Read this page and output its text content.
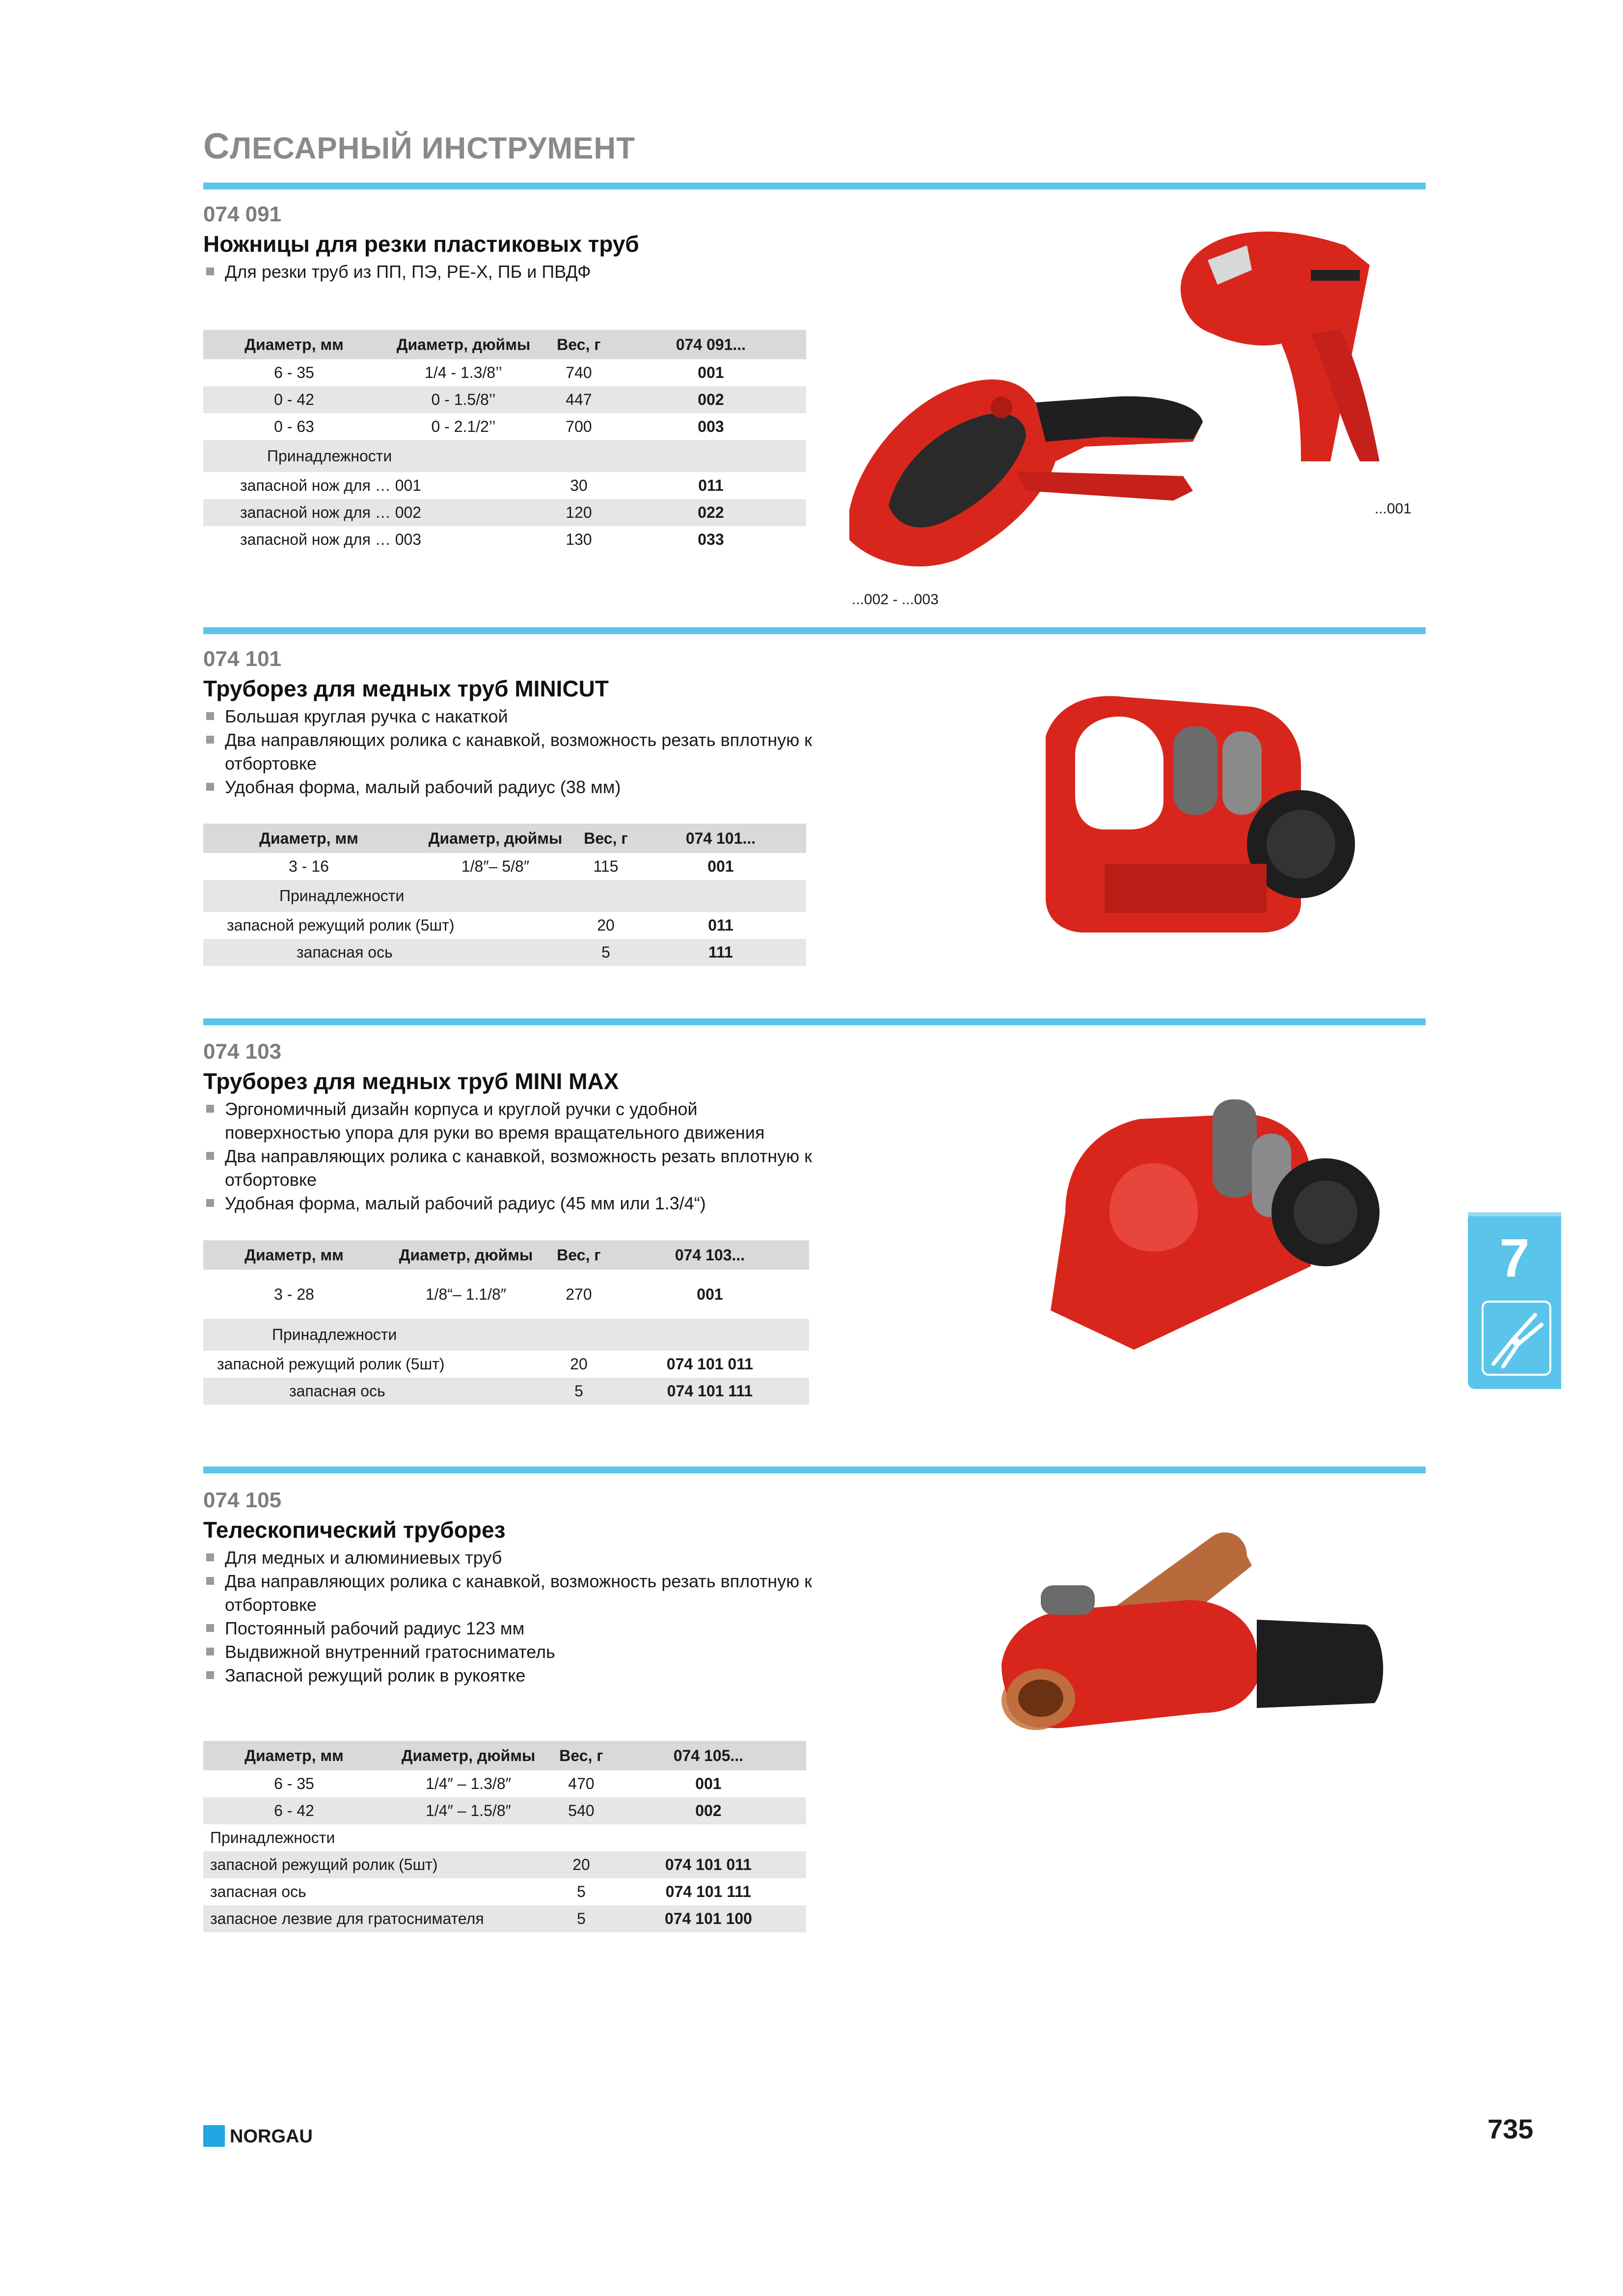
СЛЕСАРНЫЙ ИНСТРУМЕНТ
074 091
Ножницы для резки пластиковых труб
Для резки труб из ПП, ПЭ, PE-X, ПБ и ПВДФ
Диаметр, мм	Диаметр, дюймы	Вес, г	074 091...
6 - 35	1/4 - 1.3/8’’	740	001
0 - 42	0 - 1.5/8’’	447	002
0 - 63	0 - 2.1/2’’	700	003
Принадлежности			
запасной нож для … 001		30	011
запасной нож для … 002		120	022
запасной нож для … 003		130	033
...001
...002 - ...003
074 101
Труборез для медных труб MINICUT
Большая круглая ручка с накаткой
Два направляющих ролика с канавкой, возможность резать вплотную к отбортовке
Удобная форма, малый рабочий радиус (38 мм)
Диаметр, мм	Диаметр, дюймы	Вес, г	074 101...
3 - 16	1/8″– 5/8″	115	001
Принадлежности			
запасной режущий ролик (5шт)		20	011
запасная ось		5	111
074 103
Труборез для медных труб MINI MAX
Эргономичный дизайн корпуса и круглой ручки с удобной поверхностью упора для руки во время вращательного движения
Два направляющих ролика с канавкой, возможность резать вплотную к отбортовке
Удобная форма, малый рабочий радиус (45 мм или 1.3/4“)
Диаметр, мм	Диаметр, дюймы	Вес, г	074 103...
3 - 28	1/8“– 1.1/8″	270	001
Принадлежности			
запасной режущий ролик (5шт)		20	074 101 011
запасная ось		5	074 101 111
7
074 105
Телескопический труборез
Для медных и алюминиевых труб
Два направляющих ролика с канавкой, возможность резать вплотную к отбортовке
Постоянный рабочий радиус 123 мм
Выдвижной внутренний гратосниматель
Запасной режущий ролик в рукоятке
Диаметр, мм	Диаметр, дюймы	Вес, г	074 105...
6 - 35	1/4″ – 1.3/8″	470	001
6 - 42	1/4″ – 1.5/8″	540	002
Принадлежности			
запасной режущий ролик (5шт)		20	074 101 011
запасная ось		5	074 101 111
запасное лезвие для гратоснимателя		5	074 101 100
NORGAU	735
